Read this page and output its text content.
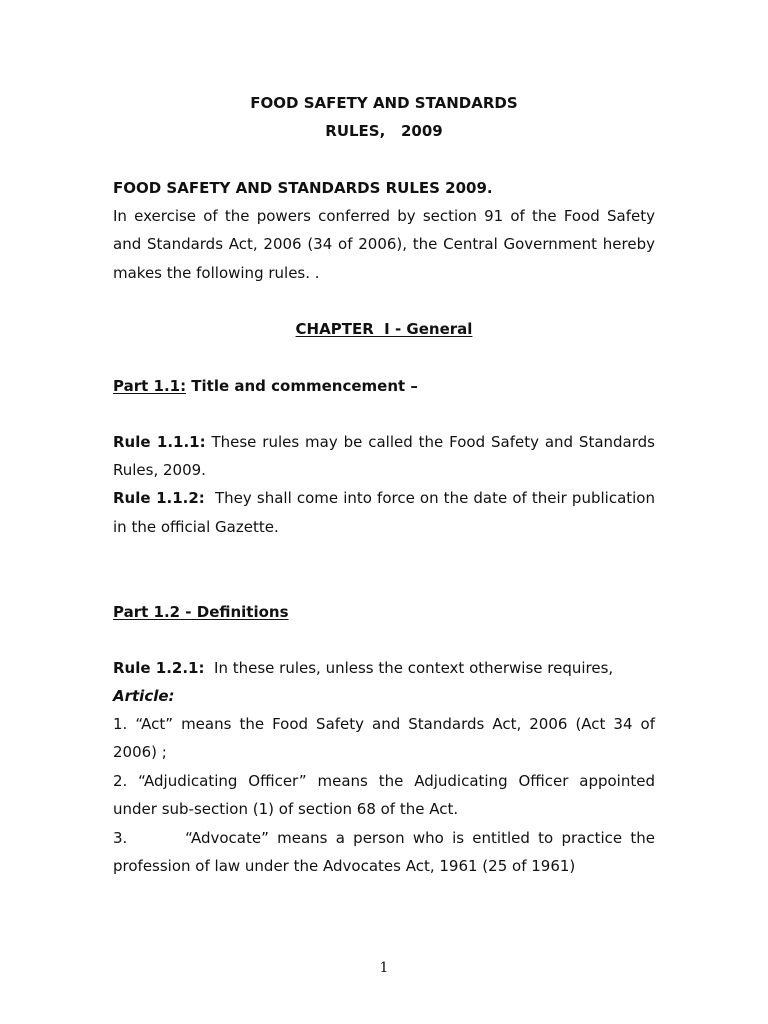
FOOD SAFETY AND STANDARDS
RULES,   2009
FOOD SAFETY AND STANDARDS RULES 2009.
In exercise of the powers conferred by section 91 of the Food Safety
and Standards Act, 2006 (34 of 2006), the Central Government hereby
makes the following rules. .
CHAPTER  I - General
Part 1.1: Title and commencement –
Rule 1.1.1: These rules may be called the Food Safety and Standards
Rules, 2009.
Rule 1.1.2:  They shall come into force on the date of their publication
in the official Gazette.
Part 1.2 - Definitions
Rule 1.2.1:  In these rules, unless the context otherwise requires,
Article:
1. “Act” means the Food Safety and Standards Act, 2006 (Act 34 of
2006) ;
2. “Adjudicating Officer” means the Adjudicating Officer appointed
under sub-section (1) of section 68 of the Act.
3.       “Advocate” means a person who is entitled to practice the
profession of law under the Advocates Act, 1961 (25 of 1961)
1
